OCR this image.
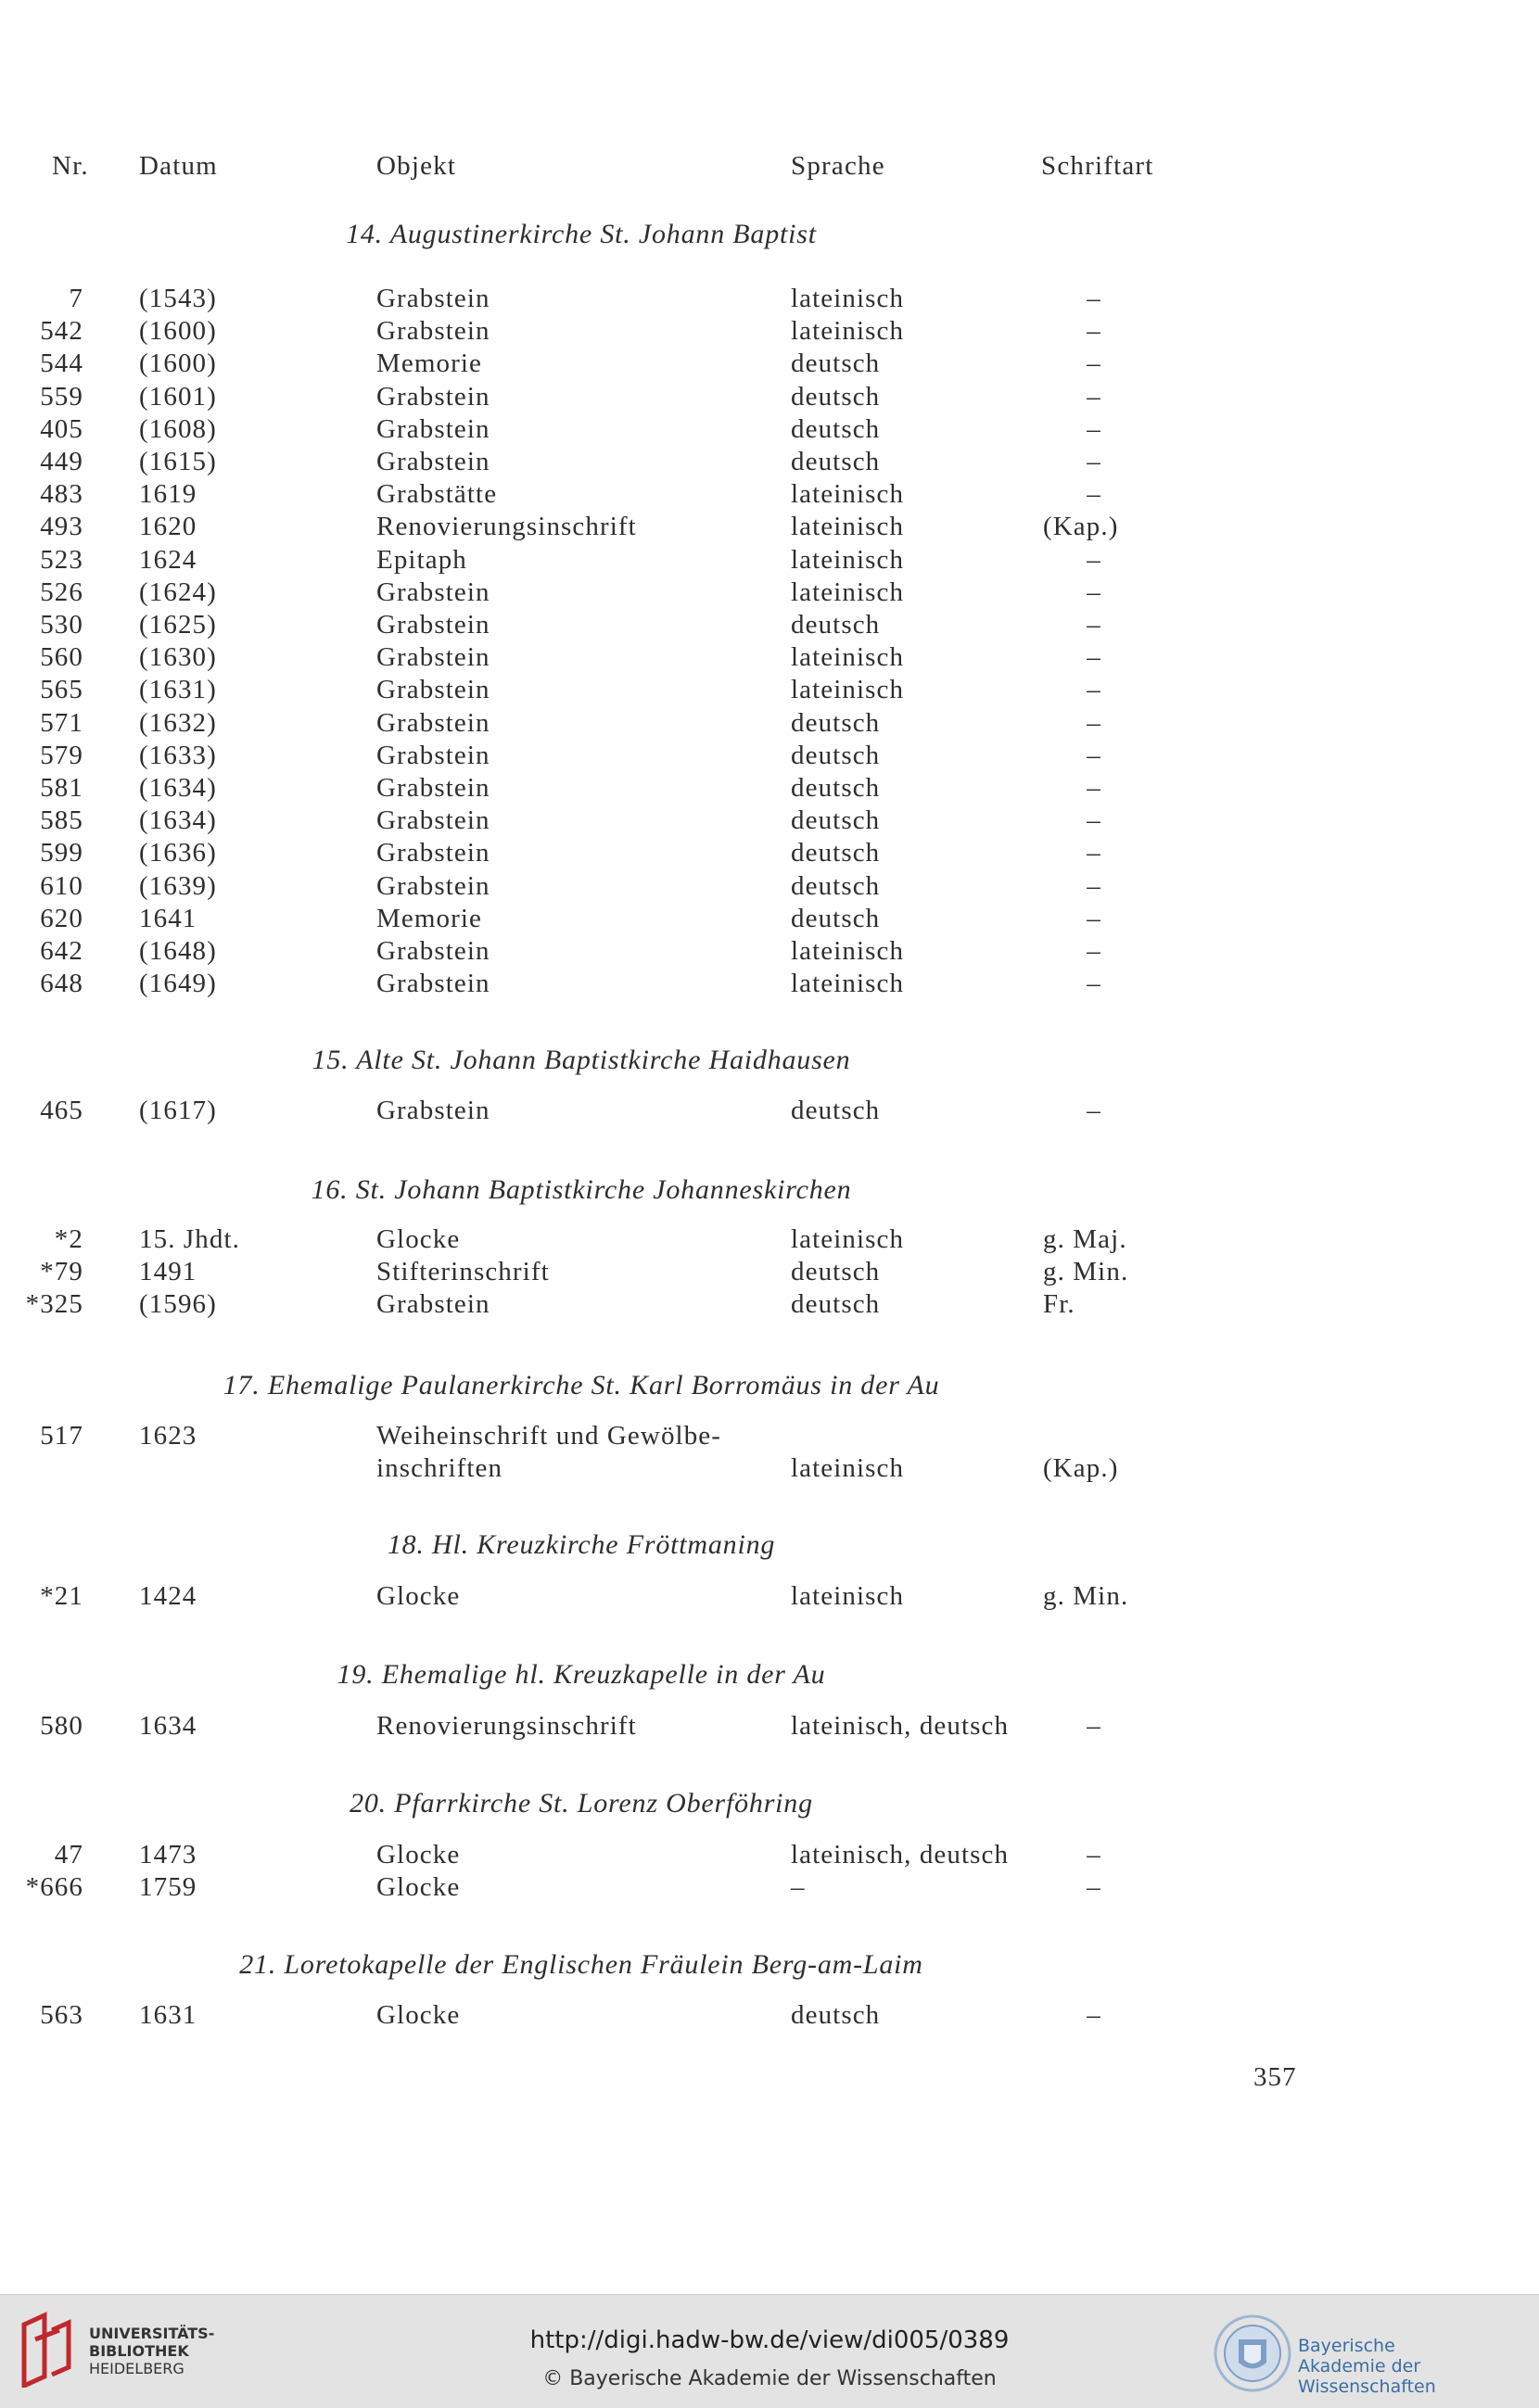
Nr. Datum	Objekt	Sprache	Schriftart
14. Augustinerkirche St. Johann Baptist
7 (1543)	Grabstein	lateinisch	–
542 (1600)	Grabstein	lateinisch	–
544 (1600)	Memorie	deutsch	–
559 (1601)	Grabstein	deutsch	–
405 (1608)	Grabstein	deutsch	–
449 (1615)	Grabstein	deutsch	–
483 1619	Grabstätte	lateinisch	–
493 1620	Renovierungsinschrift	lateinisch	(Kap.)
523 1624	Epitaph	lateinisch	–
526 (1624)	Grabstein	lateinisch	–
530 (1625)	Grabstein	deutsch	–
560 (1630)	Grabstein	lateinisch	–
565 (1631)	Grabstein	lateinisch	–
571 (1632)	Grabstein	deutsch	–
579 (1633)	Grabstein	deutsch	–
581 (1634)	Grabstein	deutsch	–
585 (1634)	Grabstein	deutsch	–
599 (1636)	Grabstein	deutsch	–
610 (1639)	Grabstein	deutsch	–
620 1641	Memorie	deutsch	–
642 (1648)	Grabstein	lateinisch	–
648 (1649)	Grabstein	lateinisch	–
15. Alte St. Johann Baptistkirche Haidhausen
465 (1617)	Grabstein	deutsch	–
16. St. Johann Baptistkirche Johanneskirchen
*2 15. Jhdt.	Glocke	lateinisch	g. Maj.
*79 1491	Stifterinschrift	deutsch	g. Min.
*325 (1596)	Grabstein	deutsch	Fr.
17. Ehemalige Paulanerkirche St. Karl Borromäus in der Au
517 1623	Weiheinschrift und Gewölbe-
inschriften	lateinisch	(Kap.)
18. Hl. Kreuzkirche Fröttmaning
*21 1424	Glocke	lateinisch	g. Min.
19. Ehemalige hl. Kreuzkapelle in der Au
580 1634	Renovierungsinschrift	lateinisch, deutsch	–
20. Pfarrkirche St. Lorenz Oberföhring
47 1473	Glocke	lateinisch, deutsch	–
*666 1759	Glocke	–	–
21. Loretokapelle der Englischen Fräulein Berg-am-Laim
563 1631	Glocke	deutsch	–
357
UNIVERSITÄTS-
BIBLIOTHEK
HEIDELBERG
http://digi.hadw-bw.de/view/di005/0389
© Bayerische Akademie der Wissenschaften
Bayerische
Akademie der Wissenschaften
